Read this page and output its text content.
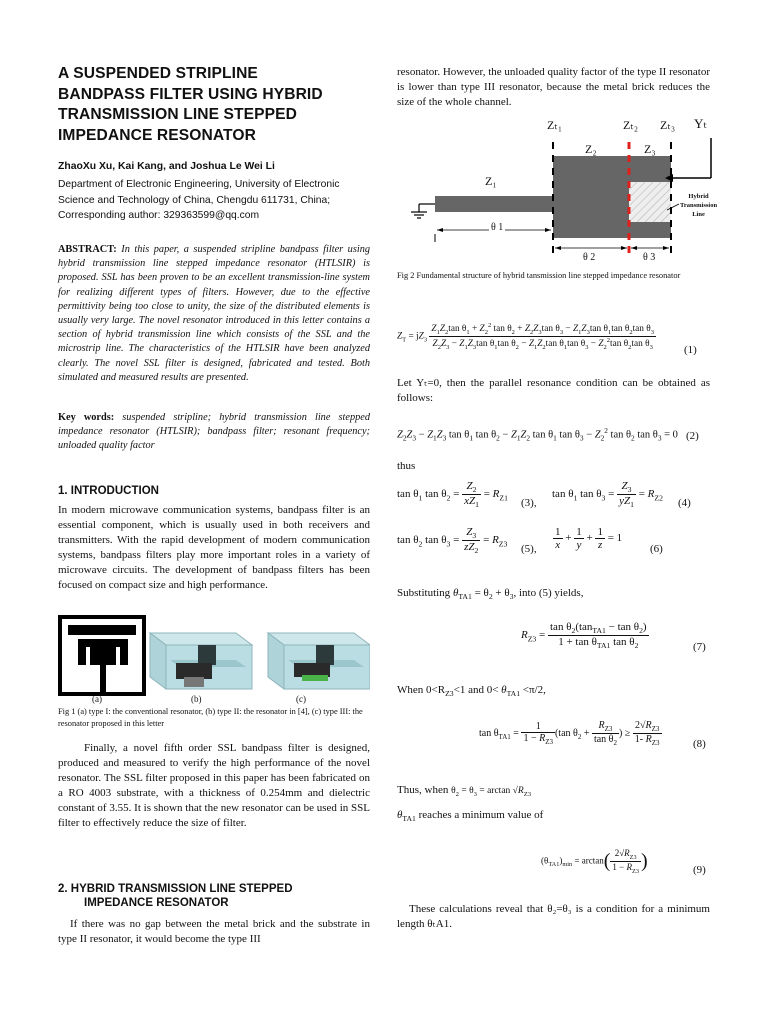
A SUSPENDED STRIPLINE
BANDPASS FILTER USING HYBRID
TRANSMISSION LINE STEPPED
IMPEDANCE RESONATOR
ZhaoXu Xu, Kai Kang, and Joshua Le Wei Li
Department of Electronic Engineering, University of Electronic
Science and Technology of China, Chengdu 611731, China;
Corresponding author: 329363599@qq.com
ABSTRACT: In this paper, a suspended stripline bandpass filter using hybrid transmission line stepped impedance resonator (HTLSIR) is proposed. SSL has been proven to be an excellent transmission-line system for realizing different types of filters. However, due to the effective permittivity being too close to unity, the size of the distributed elements is usually very large. The novel resonator introduced in this letter contains a section of hybrid transmission line which consists of the SSL and the microstrip line. The characteristics of the HTLSIR have been analyzed clearly. The novel SSL filter is designed, fabricated and tested. Both simulated and measured results are presented.
Key words: suspended stripline; hybrid transmission line stepped impedance resonator (HTLSIR); bandpass filter; resonant frequency; unloaded quality factor
1. INTRODUCTION
In modern microwave communication systems, bandpass filter is an essential component, which is usually used in both receivers and transmitters. With the rapid development of modern communication systems, bandpass filters play more important roles in a variety of microwave circuits. The development of bandpass filters has been focused on compact size and high performance.
(a)	(b)	(c)
Fig 1 (a) type I: the conventional resonator, (b) type II: the resonator in [4], (c) type III: the resonator proposed in this letter
Finally, a novel fifth order SSL bandpass filter is designed, produced and measured to verify the high performance of the novel resonator. The SSL filter proposed in this paper has been fabricated on a RO 4003 substrate, with a thickness of 0.254mm and dielectric constant of 3.55. It is shown that the new resonator can be used in SSL filter to effectively reduce the size of filter.
2. HYBRID TRANSMISSION LINE STEPPED
IMPEDANCE RESONATOR
If there was no gap between the metal brick and the substrate in type II resonator, it would become the type III
resonator. However, the unloaded quality factor of the type II resonator is lower than type III resonator, because the metal brick reduces the size of the whole channel.
Zₜ₁	Zₜ₂ Zₜ₃ Yₜ
Z₂	Z₃
Z₁
θ 1
θ 2	θ 3
Hybrid
Transmission
Line
Fig 2 Fundamental structure of hybrid tansmission line stepped impedance resonator
$Z_T = jZ_3$
$Z_1Z_2\tan$ $\theta_1 + Z_2^2$ $\tan \theta_2 + Z_2Z_3\tan$ $\theta_3 - Z_1Z_3\tan$ $\theta_1\tan$ $\theta_2\tan$ $\theta_3$
$Z_2Z_3 - Z_1Z_3\tan$ $\theta_1\tan$ $\theta_2 - Z_1Z_2\tan$ $\theta_1\tan$ $\theta_3 - Z_2^2\tan$ $\theta_2\tan$ $\theta_3$	(1)
Let Yₜ=0, then the parallel resonance condition can be obtained as follows:
$Z_2Z_3 - Z_1Z_3$ $\tan \theta_1$ $\tan \theta_2 - Z_1Z_2$ $\tan \theta_1$ $\tan \theta_3 - Z_2^2$ $\tan \theta_2$ $\tan \theta_3 = 0$ (2)
thus
$\tan \theta_1$ $\tan \theta_2 = \frac{Z_2}{xZ_1} = R_{Z1}$ (3),
$\tan \theta_1$ $\tan \theta_3 = \frac{Z_3}{yZ_1} = R_{Z2}$ (4)
$\tan \theta_2$ $\tan \theta_3 = \frac{Z_3}{zZ_2} = R_{Z3}$ (5), $\frac{1}{x} + \frac{1}{y} + \frac{1}{z} = 1$
(6)
Substituting $\theta_{TA1} = \theta_2 + \theta_3$, into (5) yields,
$R_{Z3} = \frac{\tan \theta_2(\tan_{TA1} - \tan \theta_2)}{1 + \tan \theta_{TA1} \tan \theta_2}$	(7)
When $0<R_{Z3}<1$ and $0< \theta_{TA1} <\pi/2$,
$\tan \theta_{TA1} = \frac{1}{1 - R_{Z3}} (\tan$ $\theta_2 + \frac{R_{Z3}}{\tan \theta_2}$ ) ≥ $\frac{2√R_{Z3}}{1- R_{Z3}}$	(8)
Thus, when $\theta_2 = \theta_3 = \arctan √R_{Z3}$
$\theta_{TA1}$ reaches a minimum value of
$(\theta_{TA1})_{min} = \arctan( \frac{2√R_{Z3}}{1 - R_{Z3}}$ )	(9)
These calculations reveal that θ₂=θ₃ is a condition for a minimum length θₜA1.
